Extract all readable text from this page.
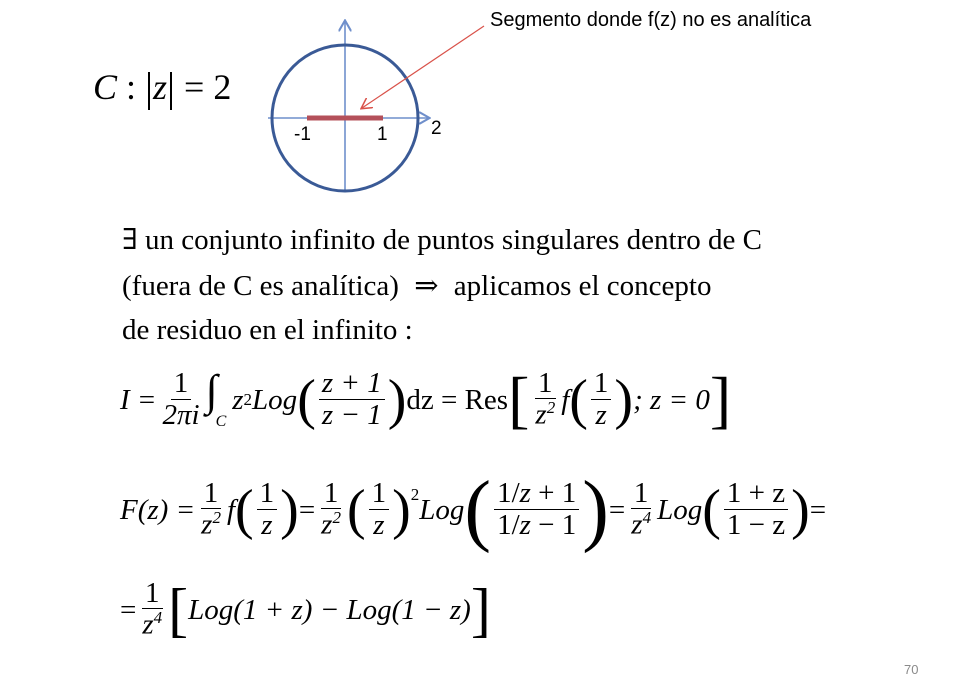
Segmento donde f(z) no es analítica
-1	1 2
C : z = 2
∃ un conjunto infinito de puntos singulares dentro de C
(fuera de C es analítica) ⇒ aplicamos el concepto
de residuo en el infinito :
$I = \frac{1}{2\pi i}$ ∫
C
z 2 Log ( $\frac{z + 1}{z - 1}$ ) dz = Res [ $\frac{1}{z^2}$ f ( $\frac{1}{z}$ ) ; z = 0 ]
$F(z) = \frac{1}{z^2}$ f ( $\frac{1}{z}$ ) = $\frac{1}{z^2}$ ( $\frac{1}{z}$ ) 2 Log ( $\frac{1/z + 1}{1/z - 1}$ ) = $\frac{1}{z^4}$ Log ( $\frac{1 + z}{1 - z}$ ) =
= $\frac{1}{z^4}$ [ Log(1 + z) − Log(1 − z) ]
70
